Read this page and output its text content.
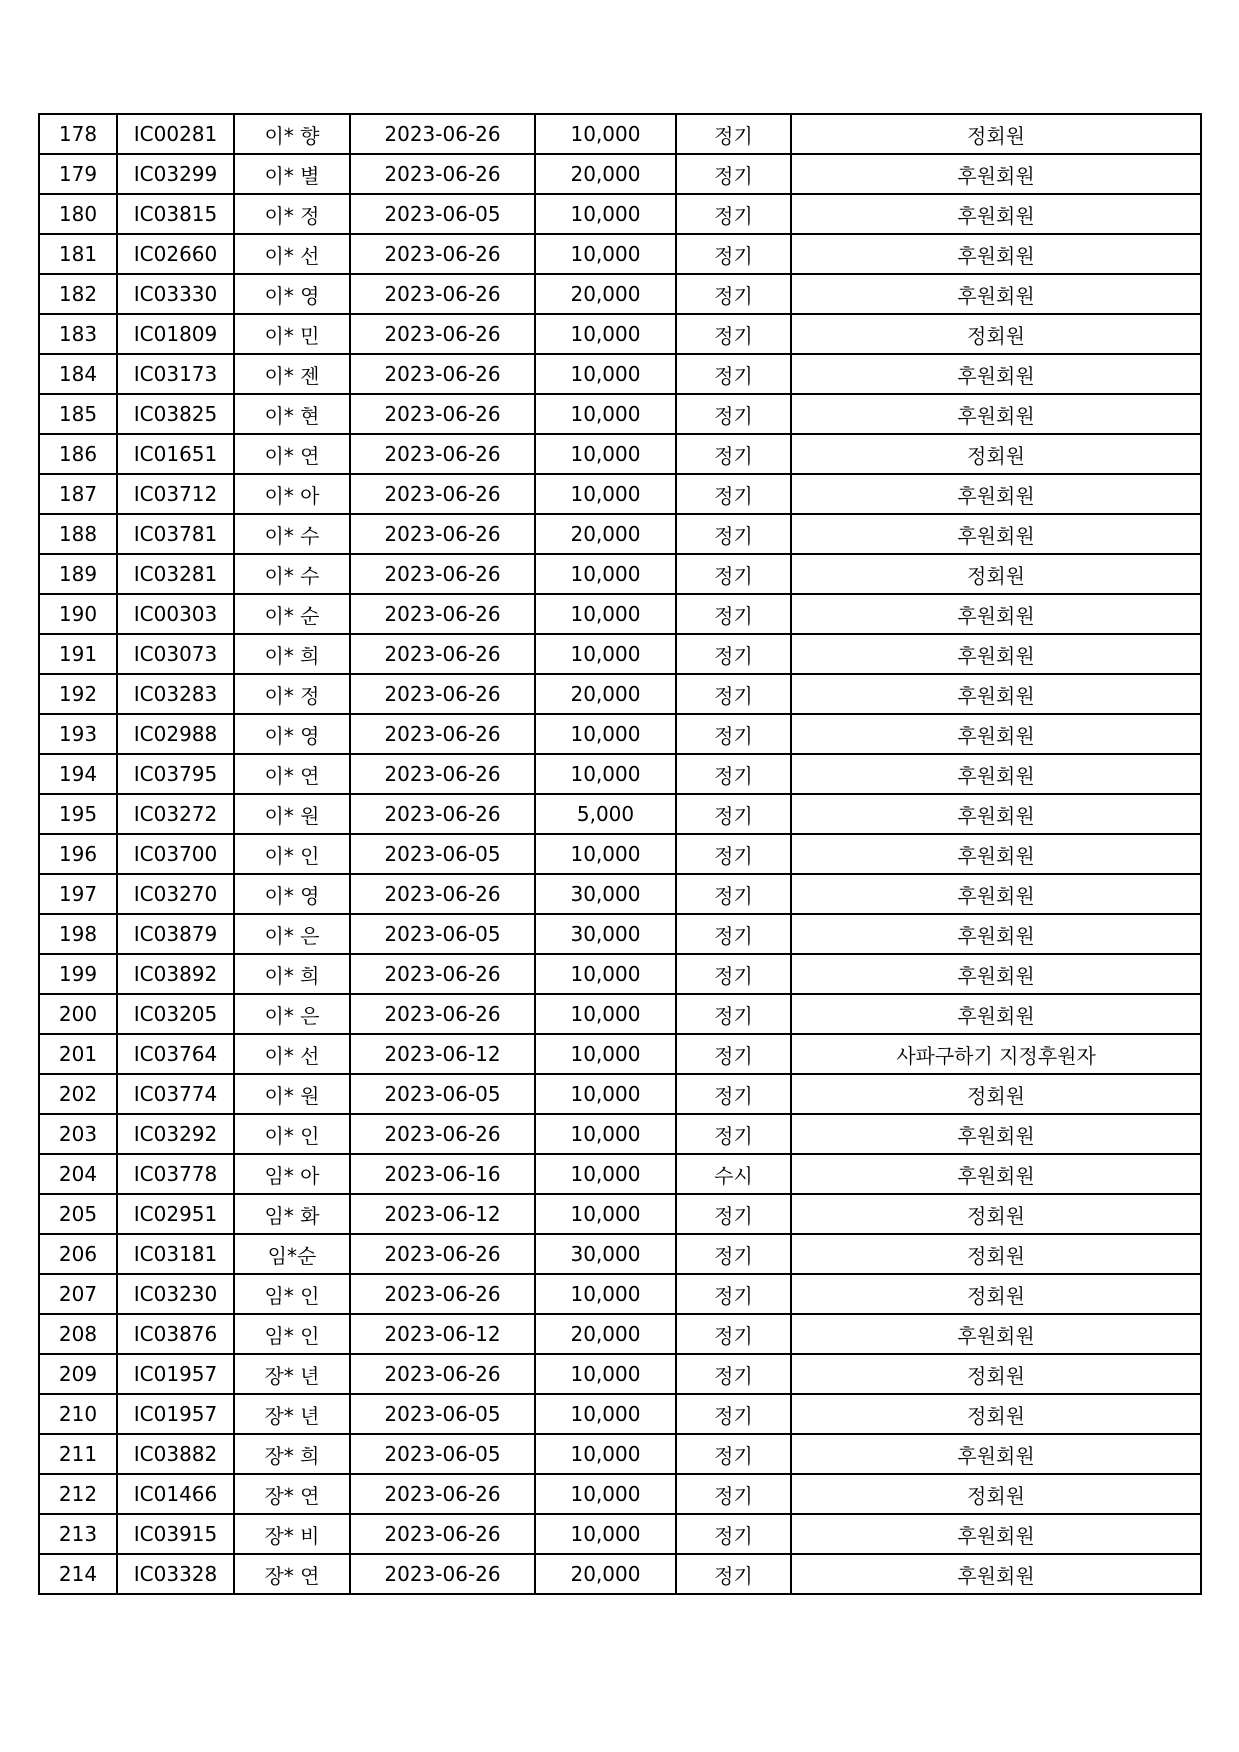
178	IC00281	이* 향	2023-06-26	10,000	정기	정회원
179	IC03299	이* 별	2023-06-26	20,000	정기	후원회원
180	IC03815	이* 정	2023-06-05	10,000	정기	후원회원
181	IC02660	이* 선	2023-06-26	10,000	정기	후원회원
182	IC03330	이* 영	2023-06-26	20,000	정기	후원회원
183	IC01809	이* 민	2023-06-26	10,000	정기	정회원
184	IC03173	이* 젠	2023-06-26	10,000	정기	후원회원
185	IC03825	이* 현	2023-06-26	10,000	정기	후원회원
186	IC01651	이* 연	2023-06-26	10,000	정기	정회원
187	IC03712	이* 아	2023-06-26	10,000	정기	후원회원
188	IC03781	이* 수	2023-06-26	20,000	정기	후원회원
189	IC03281	이* 수	2023-06-26	10,000	정기	정회원
190	IC00303	이* 순	2023-06-26	10,000	정기	후원회원
191	IC03073	이* 희	2023-06-26	10,000	정기	후원회원
192	IC03283	이* 정	2023-06-26	20,000	정기	후원회원
193	IC02988	이* 영	2023-06-26	10,000	정기	후원회원
194	IC03795	이* 연	2023-06-26	10,000	정기	후원회원
195	IC03272	이* 원	2023-06-26	5,000	정기	후원회원
196	IC03700	이* 인	2023-06-05	10,000	정기	후원회원
197	IC03270	이* 영	2023-06-26	30,000	정기	후원회원
198	IC03879	이* 은	2023-06-05	30,000	정기	후원회원
199	IC03892	이* 희	2023-06-26	10,000	정기	후원회원
200	IC03205	이* 은	2023-06-26	10,000	정기	후원회원
201	IC03764	이* 선	2023-06-12	10,000	정기	사파구하기 지정후원자
202	IC03774	이* 원	2023-06-05	10,000	정기	정회원
203	IC03292	이* 인	2023-06-26	10,000	정기	후원회원
204	IC03778	임* 아	2023-06-16	10,000	수시	후원회원
205	IC02951	임* 화	2023-06-12	10,000	정기	정회원
206	IC03181	임*순	2023-06-26	30,000	정기	정회원
207	IC03230	임* 인	2023-06-26	10,000	정기	정회원
208	IC03876	임* 인	2023-06-12	20,000	정기	후원회원
209	IC01957	장* 년	2023-06-26	10,000	정기	정회원
210	IC01957	장* 년	2023-06-05	10,000	정기	정회원
211	IC03882	장* 희	2023-06-05	10,000	정기	후원회원
212	IC01466	장* 연	2023-06-26	10,000	정기	정회원
213	IC03915	장* 비	2023-06-26	10,000	정기	후원회원
214	IC03328	장* 연	2023-06-26	20,000	정기	후원회원
